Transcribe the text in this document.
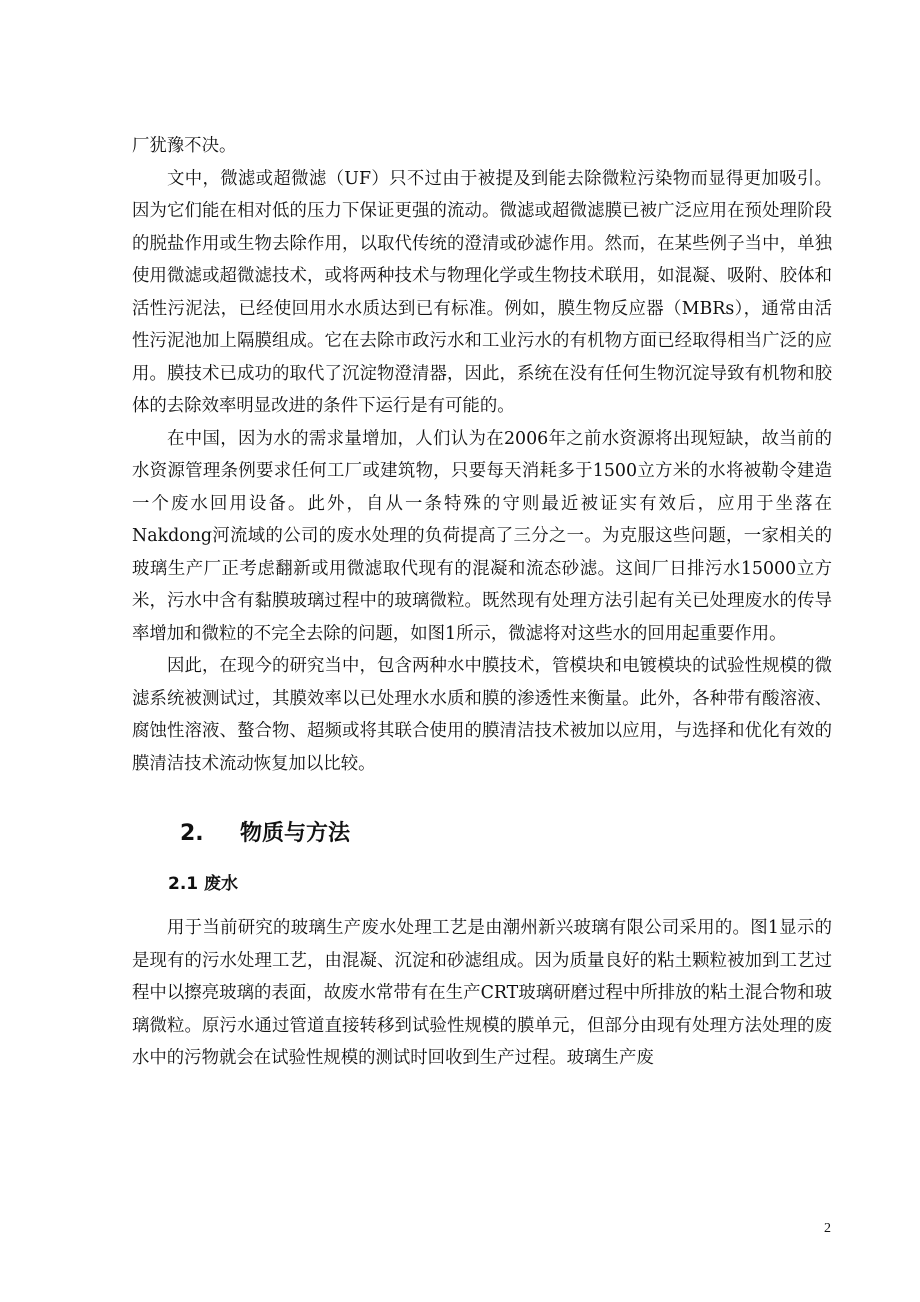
厂犹豫不决。

文中，微滤或超微滤（UF）只不过由于被提及到能去除微粒污染物而显得更加吸引。因为它们能在相对低的压力下保证更强的流动。微滤或超微滤膜已被广泛应用在预处理阶段的脱盐作用或生物去除作用，以取代传统的澄清或砂滤作用。然而，在某些例子当中，单独使用微滤或超微滤技术，或将两种技术与物理化学或生物技术联用，如混凝、吸附、胶体和活性污泥法，已经使回用水水质达到已有标准。例如，膜生物反应器（MBRs），通常由活性污泥池加上隔膜组成。它在去除市政污水和工业污水的有机物方面已经取得相当广泛的应用。膜技术已成功的取代了沉淀物澄清器，因此，系统在没有任何生物沉淀导致有机物和胶体的去除效率明显改进的条件下运行是有可能的。

在中国，因为水的需求量增加，人们认为在2006年之前水资源将出现短缺，故当前的水资源管理条例要求任何工厂或建筑物，只要每天消耗多于1500立方米的水将被勒令建造一个废水回用设备。此外，自从一条特殊的守则最近被证实有效后，应用于坐落在Nakdong河流域的公司的废水处理的负荷提高了三分之一。为克服这些问题，一家相关的玻璃生产厂正考虑翻新或用微滤取代现有的混凝和流态砂滤。这间厂日排污水15000立方米，污水中含有黏膜玻璃过程中的玻璃微粒。既然现有处理方法引起有关已处理废水的传导率增加和微粒的不完全去除的问题，如图1所示，微滤将对这些水的回用起重要作用。

因此，在现今的研究当中，包含两种水中膜技术，管模块和电镀模块的试验性规模的微滤系统被测试过，其膜效率以已处理水水质和膜的渗透性来衡量。此外，各种带有酸溶液、腐蚀性溶液、螯合物、超频或将其联合使用的膜清洁技术被加以应用，与选择和优化有效的膜清洁技术流动恢复加以比较。

2.	物质与方法
2.1 废水

用于当前研究的玻璃生产废水处理工艺是由潮州新兴玻璃有限公司采用的。图1显示的是现有的污水处理工艺，由混凝、沉淀和砂滤组成。因为质量良好的粘土颗粒被加到工艺过程中以擦亮玻璃的表面，故废水常带有在生产CRT玻璃研磨过程中所排放的粘土混合物和玻璃微粒。原污水通过管道直接转移到试验性规模的膜单元，但部分由现有处理方法处理的废水中的污物就会在试验性规模的测试时回收到生产过程。玻璃生产废

2
